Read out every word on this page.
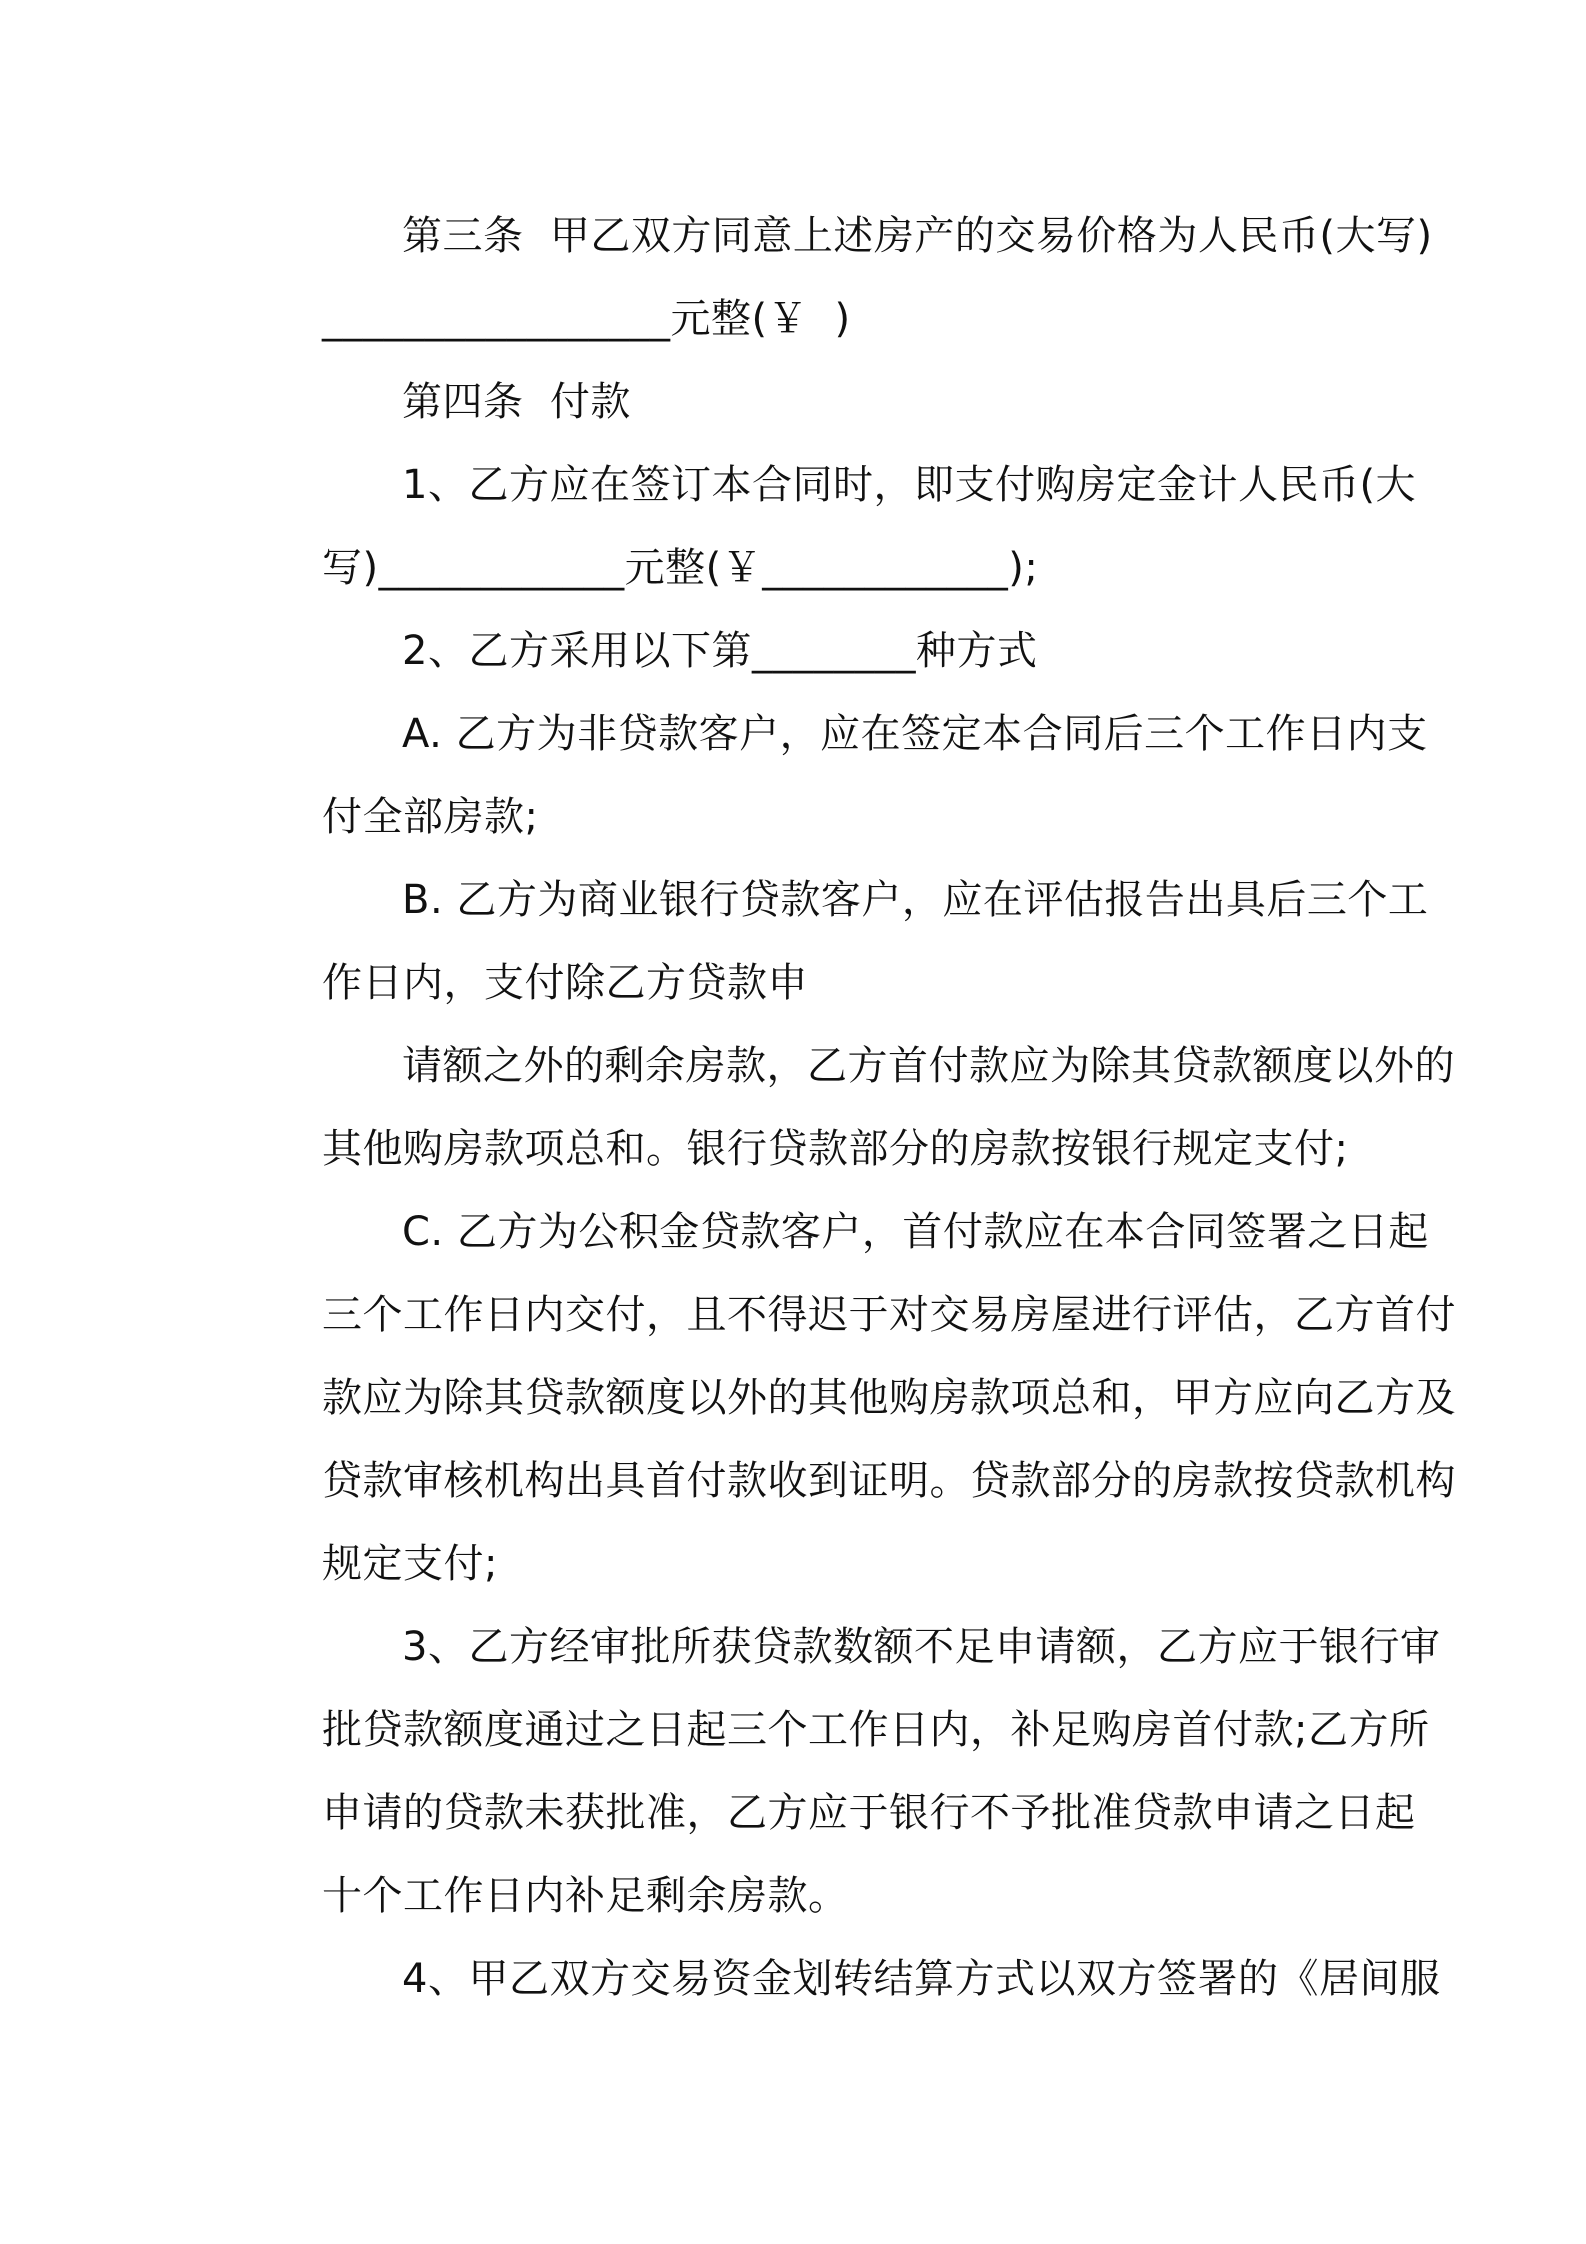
第三条  甲乙双方同意上述房产的交易价格为人民币(大写)
_________________元整(￥  )

第四条  付款

1、乙方应在签订本合同时，即支付购房定金计人民币(大
写)____________元整(￥____________);

2、乙方采用以下第________种方式

A. 乙方为非贷款客户，应在签定本合同后三个工作日内支
付全部房款;

B. 乙方为商业银行贷款客户，应在评估报告出具后三个工
作日内，支付除乙方贷款申

请额之外的剩余房款，乙方首付款应为除其贷款额度以外的
其他购房款项总和。银行贷款部分的房款按银行规定支付;

C. 乙方为公积金贷款客户，首付款应在本合同签署之日起
三个工作日内交付，且不得迟于对交易房屋进行评估，乙方首付
款应为除其贷款额度以外的其他购房款项总和，甲方应向乙方及
贷款审核机构出具首付款收到证明。贷款部分的房款按贷款机构
规定支付;

3、乙方经审批所获贷款数额不足申请额，乙方应于银行审
批贷款额度通过之日起三个工作日内，补足购房首付款;乙方所
申请的贷款未获批准，乙方应于银行不予批准贷款申请之日起
十个工作日内补足剩余房款。

4、甲乙双方交易资金划转结算方式以双方签署的《居间服
